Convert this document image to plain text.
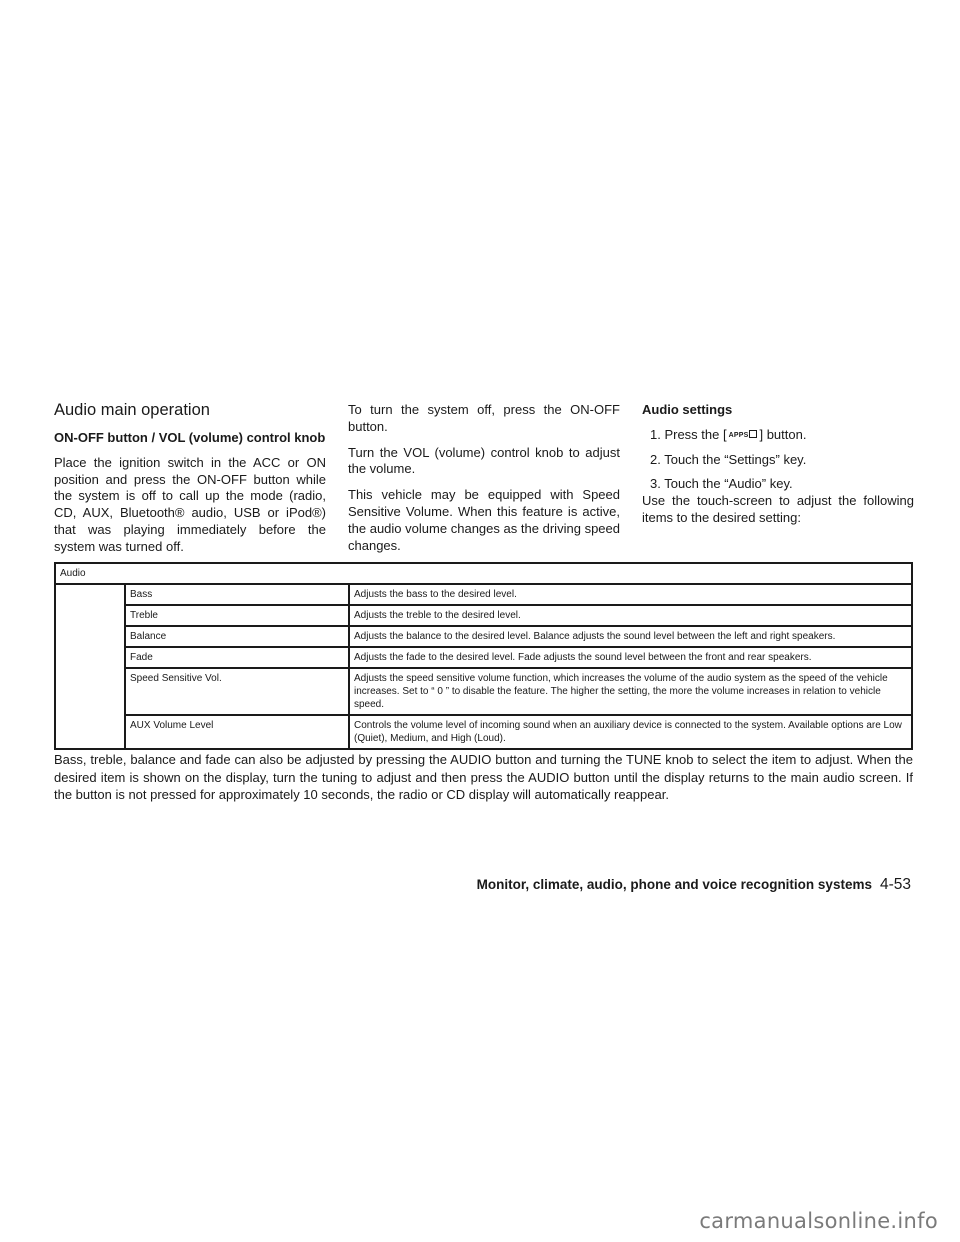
Audio main operation
ON-OFF button / VOL (volume) control knob

Place the ignition switch in the ACC or ON position and press the ON-OFF button while the system is off to call up the mode (radio, CD, AUX, Bluetooth® audio, USB or iPod®) that was playing immediately before the system was turned off.

To turn the system off, press the ON-OFF button.

Turn the VOL (volume) control knob to adjust the volume.

This vehicle may be equipped with Speed Sensitive Volume. When this feature is active, the audio volume changes as the driving speed changes.

Audio settings
1. Press the [ APPS ] button.
2. Touch the “Settings” key.
3. Touch the “Audio” key.

Use the touch-screen to adjust the following items to the desired setting:

Audio		
	Bass	Adjusts the bass to the desired level.
	Treble	Adjusts the treble to the desired level.
	Balance	Adjusts the balance to the desired level. Balance adjusts the sound level between the left and right speakers.
	Fade	Adjusts the fade to the desired level. Fade adjusts the sound level between the front and rear speakers.
	Speed Sensitive Vol.	Adjusts the speed sensitive volume function, which increases the volume of the audio system as the speed of the vehicle increases. Set to “ 0 ” to disable the feature. The higher the setting, the more the volume increases in relation to vehicle speed.
	AUX Volume Level	Controls the volume level of incoming sound when an auxiliary device is connected to the system. Available options are Low (Quiet), Medium, and High (Loud).

Bass, treble, balance and fade can also be adjusted by pressing the AUDIO button and turning the TUNE knob to select the item to adjust. When the desired item is shown on the display, turn the tuning to adjust and then press the AUDIO button until the display returns to the main audio screen. If the button is not pressed for approximately 10 seconds, the radio or CD display will automatically reappear.

Monitor, climate, audio, phone and voice recognition systems 4-53
carmanualsonline.info
